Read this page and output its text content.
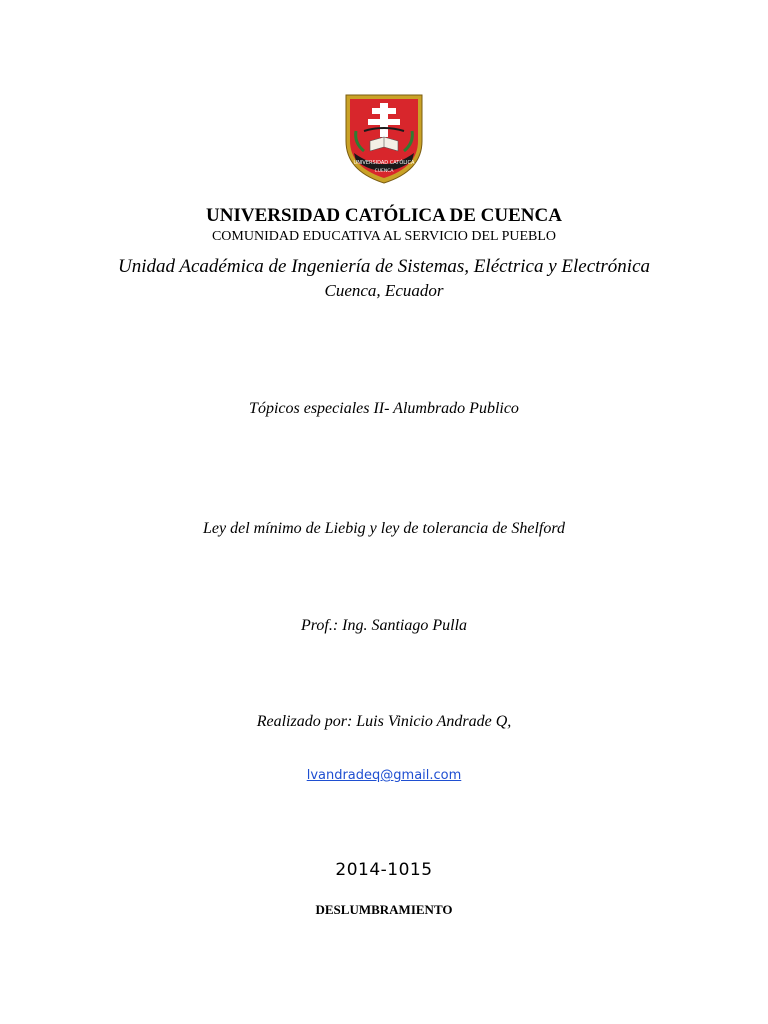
UNIVERSIDAD CATÓLICA
CUENCA
UNIVERSIDAD CATÓLICA DE CUENCA
COMUNIDAD EDUCATIVA AL SERVICIO DEL PUEBLO
Unidad Académica de Ingeniería de Sistemas, Eléctrica y Electrónica
Cuenca, Ecuador
Tópicos especiales II- Alumbrado Publico
Ley del mínimo de Liebig y ley de tolerancia de Shelford
Prof.: Ing. Santiago Pulla
Realizado por: Luis Vinicio Andrade Q,
lvandradeq@gmail.com
2014-1015
DESLUMBRAMIENTO
